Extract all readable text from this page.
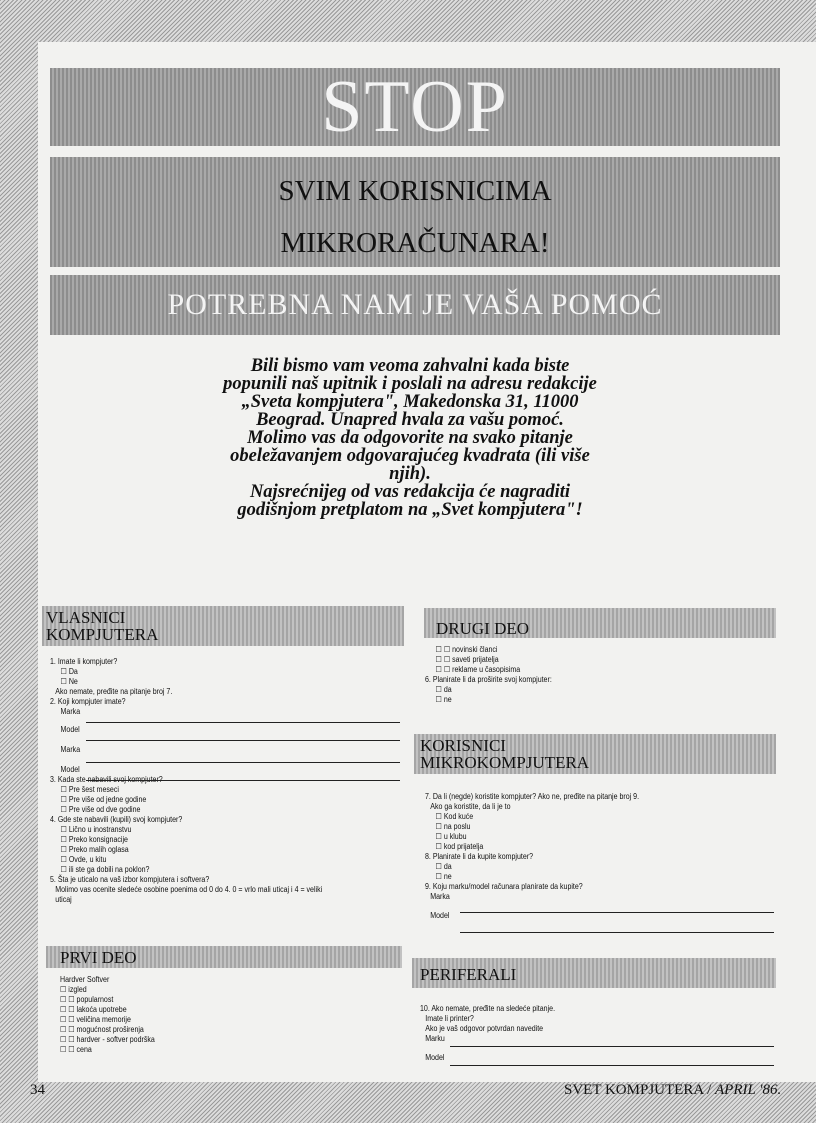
STOP
SVIM KORISNICIMA
MIKRORAČUNARA!
POTREBNA NAM JE VAŠA POMOĆ

Bili bismo vam veoma zahvalni kada biste

popunili naš upitnik i poslali na adresu redakcije

„Sveta kompjutera", Makedonska 31, 11000

Beograd. Unapred hvala za vašu pomoć.

Molimo vas da odgovorite na svako pitanje

obeležavanjem odgovarajućeg kvadrata (ili više

njih).

Najsrećnijeg od vas redakcija će nagraditi

godišnjom pretplatom na „Svet kompjutera"!

VLASNICI
KOMPJUTERA
1. Imate li kompjuter?
☐ Da
☐ Ne
Ako nemate, pređite na pitanje broj 7.
2. Koji kompjuter imate?
Marka
Model
Marka
Model
3. Kada ste nabavili svoj kompjuter?
☐ Pre šest meseci
☐ Pre više od jedne godine
☐ Pre više od dve godine
4. Gde ste nabavili (kupili) svoj kompjuter?
☐ Lično u inostranstvu
☐ Preko konsignacije
☐ Preko malih oglasa
☐ Ovde, u kitu
☐ ili ste ga dobili na poklon?
5. Šta je uticalo na vaš izbor kompjutera i softvera?
Molimo vas ocenite sledeće osobine poenima od 0 do 4. 0 = vrlo mali uticaj i 4 = veliki
uticaj
PRVI DEO
Hardver Softver
☐ izgled
☐ ☐ popularnost
☐ ☐ lakoća upotrebe
☐ ☐ veličina memorije
☐ ☐ mogućnost proširenja
☐ ☐ hardver - softver podrška
☐ ☐ cena
DRUGI DEO
☐ ☐ novinski članci
☐ ☐ saveti prijatelja
☐ ☐ reklame u časopisima
6. Planirate li da proširite svoj kompjuter:
☐ da
☐ ne
KORISNICI
MIKROKOMPJUTERA
7. Da li (negde) koristite kompjuter? Ako ne, pređite na pitanje broj 9.
Ako ga koristite, da li je to
☐ Kod kuće
☐ na poslu
☐ u klubu
☐ kod prijatelja
8. Planirate li da kupite kompjuter?
☐ da
☐ ne
9. Koju marku/model računara planirate da kupite?
Marka
Model
PERIFERALI
10. Ako nemate, pređite na sledeće pitanje.
Imate li printer?
Ako je vaš odgovor potvrdan navedite
Marku
Model
34	SVET KOMPJUTERA / APRIL '86.
